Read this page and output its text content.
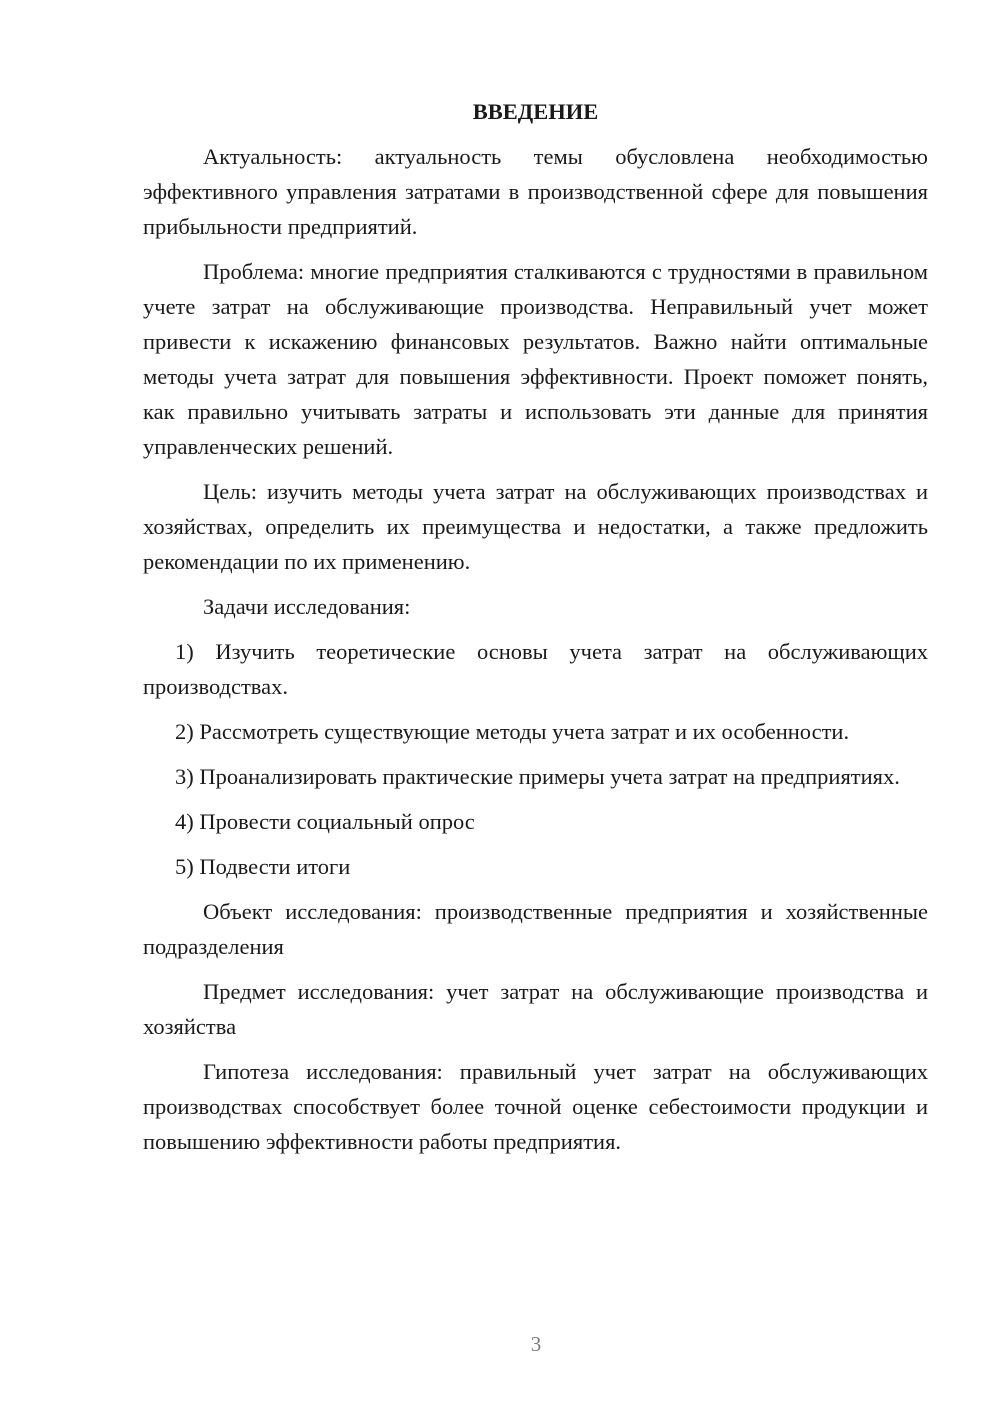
ВВЕДЕНИЕ

Актуальность: актуальность темы обусловлена необходимостью эффективного управления затратами в производственной сфере для повышения прибыльности предприятий.

Проблема: многие предприятия сталкиваются с трудностями в правильном учете затрат на обслуживающие производства. Неправильный учет может привести к искажению финансовых результатов. Важно найти оптимальные методы учета затрат для повышения эффективности. Проект поможет понять, как правильно учитывать затраты и использовать эти данные для принятия управленческих решений.

Цель: изучить методы учета затрат на обслуживающих производствах и хозяйствах, определить их преимущества и недостатки, а также предложить рекомендации по их применению.

Задачи исследования:

1) Изучить теоретические основы учета затрат на обслуживающих производствах.

2) Рассмотреть существующие методы учета затрат и их особенности.

3) Проанализировать практические примеры учета затрат на предприятиях.

4) Провести социальный опрос

5) Подвести итоги

Объект исследования: производственные предприятия и хозяйственные подразделения

Предмет исследования: учет затрат на обслуживающие производства и хозяйства

Гипотеза исследования: правильный учет затрат на обслуживающих производствах способствует более точной оценке себестоимости продукции и повышению эффективности работы предприятия.

3
